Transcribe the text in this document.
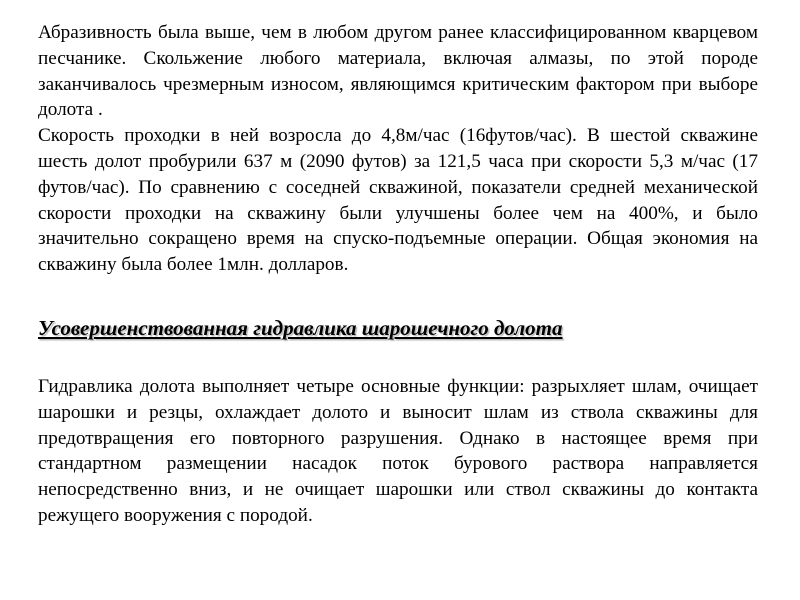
Абразивность была выше, чем в любом другом ранее классифицированном кварцевом песчанике. Скольжение любого материала, включая алмазы, по этой породе заканчивалось чрезмерным износом, являющимся критическим фактором при выборе долота .

Скорость проходки в ней возросла до 4,8м/час (16футов/час). В шестой скважине шесть долот пробурили 637 м (2090 футов) за 121,5 часа при скорости 5,3 м/час (17 футов/час). По сравнению с соседней скважиной, показатели средней механической скорости проходки на скважину были улучшены более чем на 400%, и было значительно сокращено время на спуско-подъемные операции. Общая экономия на скважину была более 1млн. долларов.

Усовершенствованная гидравлика шарошечного долота

Гидравлика долота выполняет четыре основные функции: разрыхляет шлам, очищает шарошки и резцы, охлаждает долото и выносит шлам из ствола скважины для предотвращения его повторного разрушения. Однако в настоящее время при стандартном размещении насадок поток бурового раствора направляется непосредственно вниз, и не очищает шарошки или ствол скважины до контакта режущего вооружения с породой.
